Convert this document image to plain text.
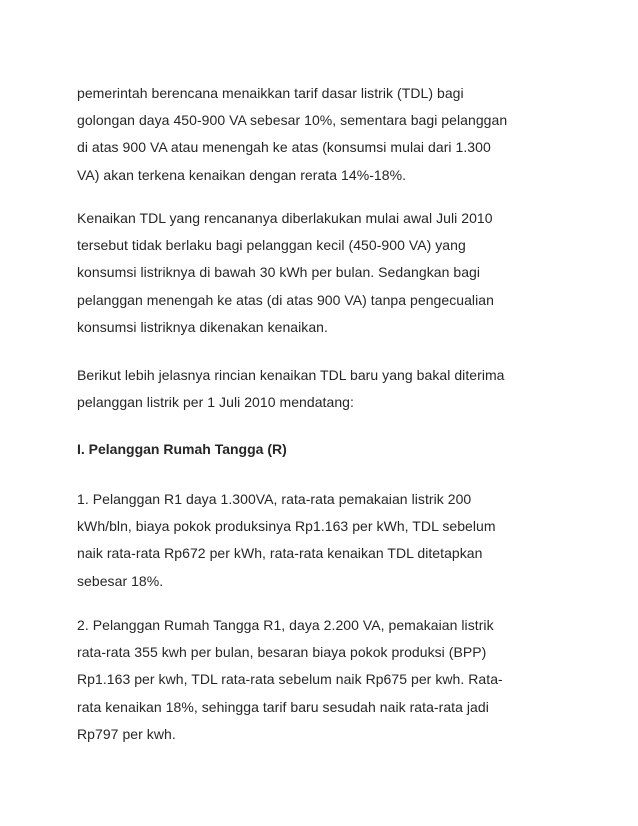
pemerintah berencana menaikkan tarif dasar listrik (TDL) bagi
golongan daya 450-900 VA sebesar 10%, sementara bagi pelanggan
di atas 900 VA atau menengah ke atas (konsumsi mulai dari 1.300
VA) akan terkena kenaikan dengan rerata 14%-18%.

Kenaikan TDL yang rencananya diberlakukan mulai awal Juli 2010
tersebut tidak berlaku bagi pelanggan kecil (450-900 VA) yang
konsumsi listriknya di bawah 30 kWh per bulan. Sedangkan bagi
pelanggan menengah ke atas (di atas 900 VA) tanpa pengecualian
konsumsi listriknya dikenakan kenaikan.

Berikut lebih jelasnya rincian kenaikan TDL baru yang bakal diterima
pelanggan listrik per 1 Juli 2010 mendatang:

I. Pelanggan Rumah Tangga (R)

1. Pelanggan R1 daya 1.300VA, rata-rata pemakaian listrik 200
kWh/bln, biaya pokok produksinya Rp1.163 per kWh, TDL sebelum
naik rata-rata Rp672 per kWh, rata-rata kenaikan TDL ditetapkan
sebesar 18%.

2. Pelanggan Rumah Tangga R1, daya 2.200 VA, pemakaian listrik
rata-rata 355 kwh per bulan, besaran biaya pokok produksi (BPP)
Rp1.163 per kwh, TDL rata-rata sebelum naik Rp675 per kwh. Rata-
rata kenaikan 18%, sehingga tarif baru sesudah naik rata-rata jadi
Rp797 per kwh.
